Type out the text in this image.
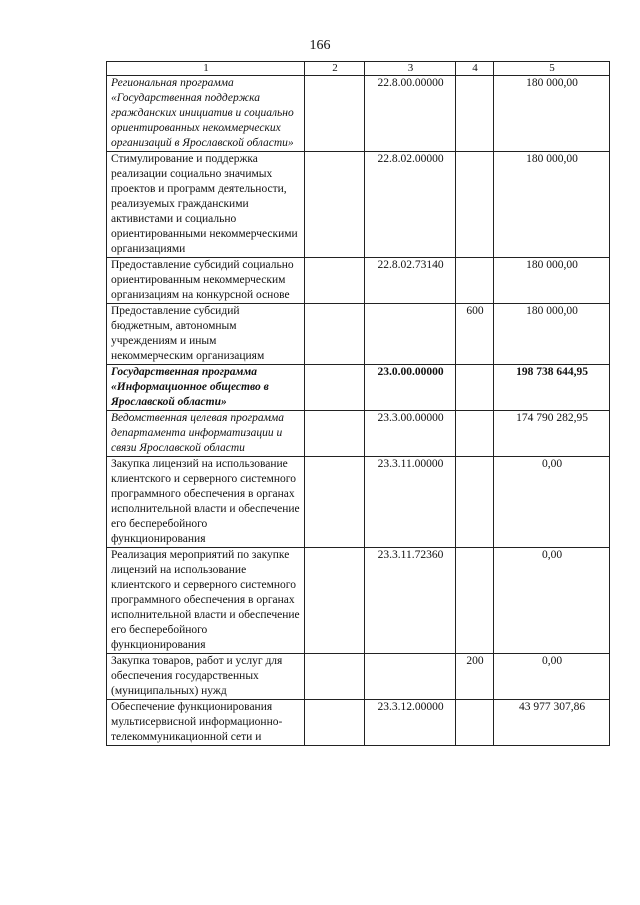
166
1	2	3	4	5
Региональная программа «Государственная поддержка гражданских инициатив и социально ориентированных некоммерческих организаций в Ярославской области»		22.8.00.00000		180 000,00
Стимулирование и поддержка реализации социально значимых проектов и программ деятельности, реализуемых гражданскими активистами и социально ориентированными некоммерческими организациями		22.8.02.00000		180 000,00
Предоставление субсидий социально ориентированным некоммерческим организациям на конкурсной основе		22.8.02.73140		180 000,00
Предоставление субсидий бюджетным, автономным учреждениям и иным некоммерческим организациям			600	180 000,00
Государственная программа «Информационное общество в Ярославской области»		23.0.00.00000		198 738 644,95
Ведомственная целевая программа департамента информатизации и связи Ярославской области		23.3.00.00000		174 790 282,95
Закупка лицензий на использование клиентского и серверного системного программного обеспечения в органах исполнительной власти и обеспечение его бесперебойного функционирования		23.3.11.00000		0,00
Реализация мероприятий по закупке лицензий на использование клиентского и серверного системного программного обеспечения в органах исполнительной власти и обеспечение его бесперебойного функционирования		23.3.11.72360		0,00
Закупка товаров, работ и услуг для обеспечения государственных (муниципальных) нужд			200	0,00
Обеспечение функционирования мультисервисной информационно-телекоммуникационной сети и		23.3.12.00000		43 977 307,86
